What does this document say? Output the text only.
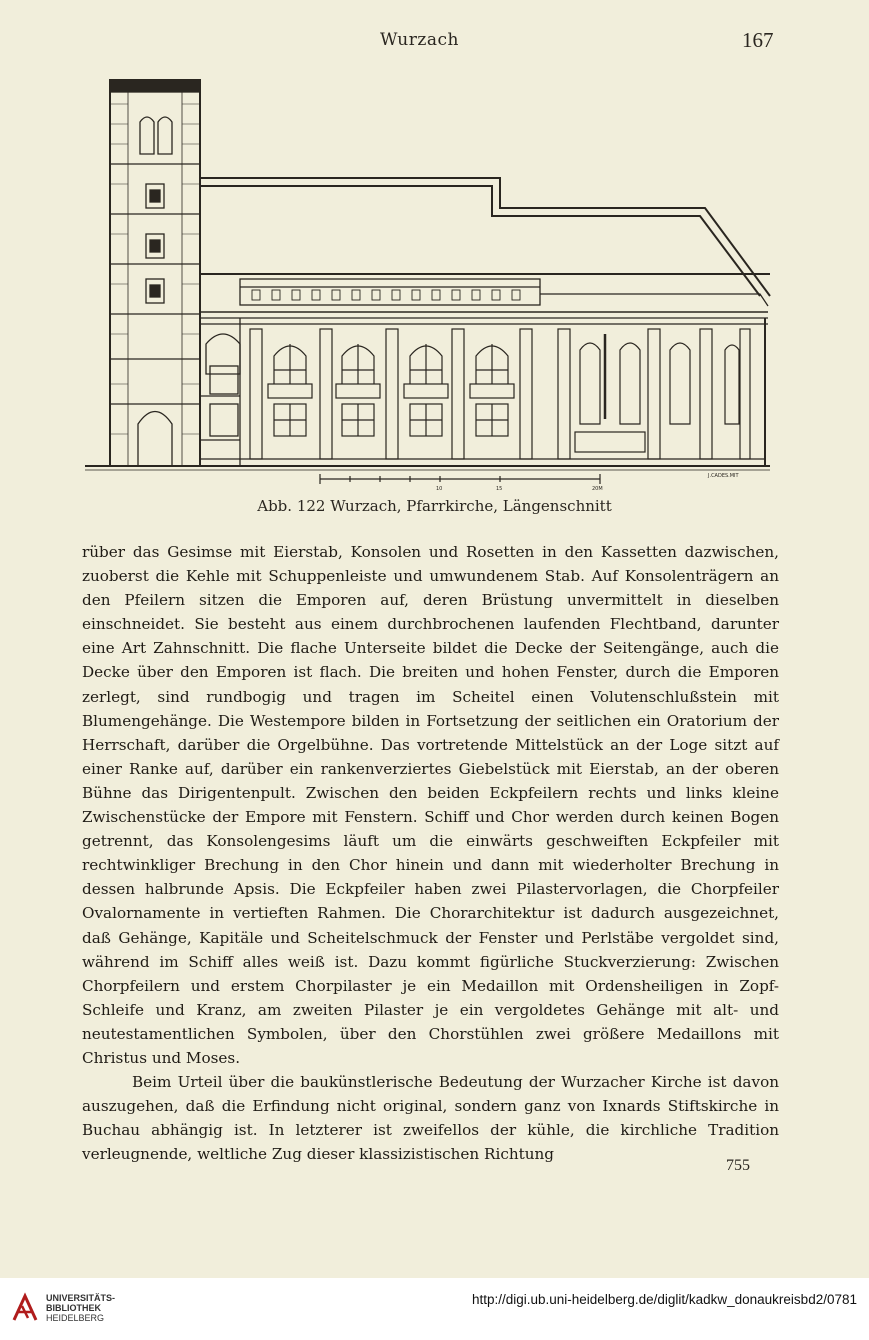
Wurzach	167
10	15	20M
J.CADES.MIT
Abb. 122 Wurzach, Pfarrkirche, Längenschnitt

rüber das Gesimse mit Eierstab, Konsolen und Rosetten in den Kassetten dazwischen, zuoberst die Kehle mit Schuppenleiste und umwundenem Stab. Auf Konsolenträgern an den Pfeilern sitzen die Emporen auf, deren Brüstung unvermittelt in dieselben einschneidet. Sie besteht aus einem durchbrochenen laufenden Flechtband, darunter eine Art Zahnschnitt. Die flache Unterseite bildet die Decke der Seitengänge, auch die Decke über den Emporen ist flach. Die breiten und hohen Fenster, durch die Emporen zerlegt, sind rundbogig und tragen im Scheitel einen Volutenschlußstein mit Blumengehänge. Die Westempore bilden in Fortsetzung der seitlichen ein Oratorium der Herrschaft, darüber die Orgelbühne. Das vortretende Mittelstück an der Loge sitzt auf einer Ranke auf, darüber ein rankenverziertes Giebelstück mit Eierstab, an der oberen Bühne das Dirigentenpult. Zwischen den beiden Eckpfeilern rechts und links kleine Zwischenstücke der Empore mit Fenstern. Schiff und Chor werden durch keinen Bogen getrennt, das Konsolengesims läuft um die einwärts geschweiften Eckpfeiler mit rechtwinkliger Brechung in den Chor hinein und dann mit wiederholter Brechung in dessen halbrunde Apsis. Die Eckpfeiler haben zwei Pilastervorlagen, die Chorpfeiler Ovalornamente in vertieften Rahmen. Die Chorarchitektur ist dadurch ausgezeichnet, daß Gehänge, Kapitäle und Scheitelschmuck der Fenster und Perlstäbe vergoldet sind, während im Schiff alles weiß ist. Dazu kommt figürliche Stuckverzierung: Zwischen Chorpfeilern und erstem Chorpilaster je ein Medaillon mit Ordensheiligen in Zopf-Schleife und Kranz, am zweiten Pilaster je ein vergoldetes Gehänge mit alt- und neutestamentlichen Symbolen, über den Chorstühlen zwei größere Medaillons mit Christus und Moses.

Beim Urteil über die baukünstlerische Bedeutung der Wurzacher Kirche ist davon auszugehen, daß die Erfindung nicht original, sondern ganz von Ixnards Stiftskirche in Buchau abhängig ist. In letzterer ist zweifellos der kühle, die kirchliche Tradition verleugnende, weltliche Zug dieser klassizistischen Richtung

755
UNIVERSITÄTS-
BIBLIOTHEK
HEIDELBERG
http://digi.ub.uni-heidelberg.de/diglit/kadkw_donaukreisbd2/0781
